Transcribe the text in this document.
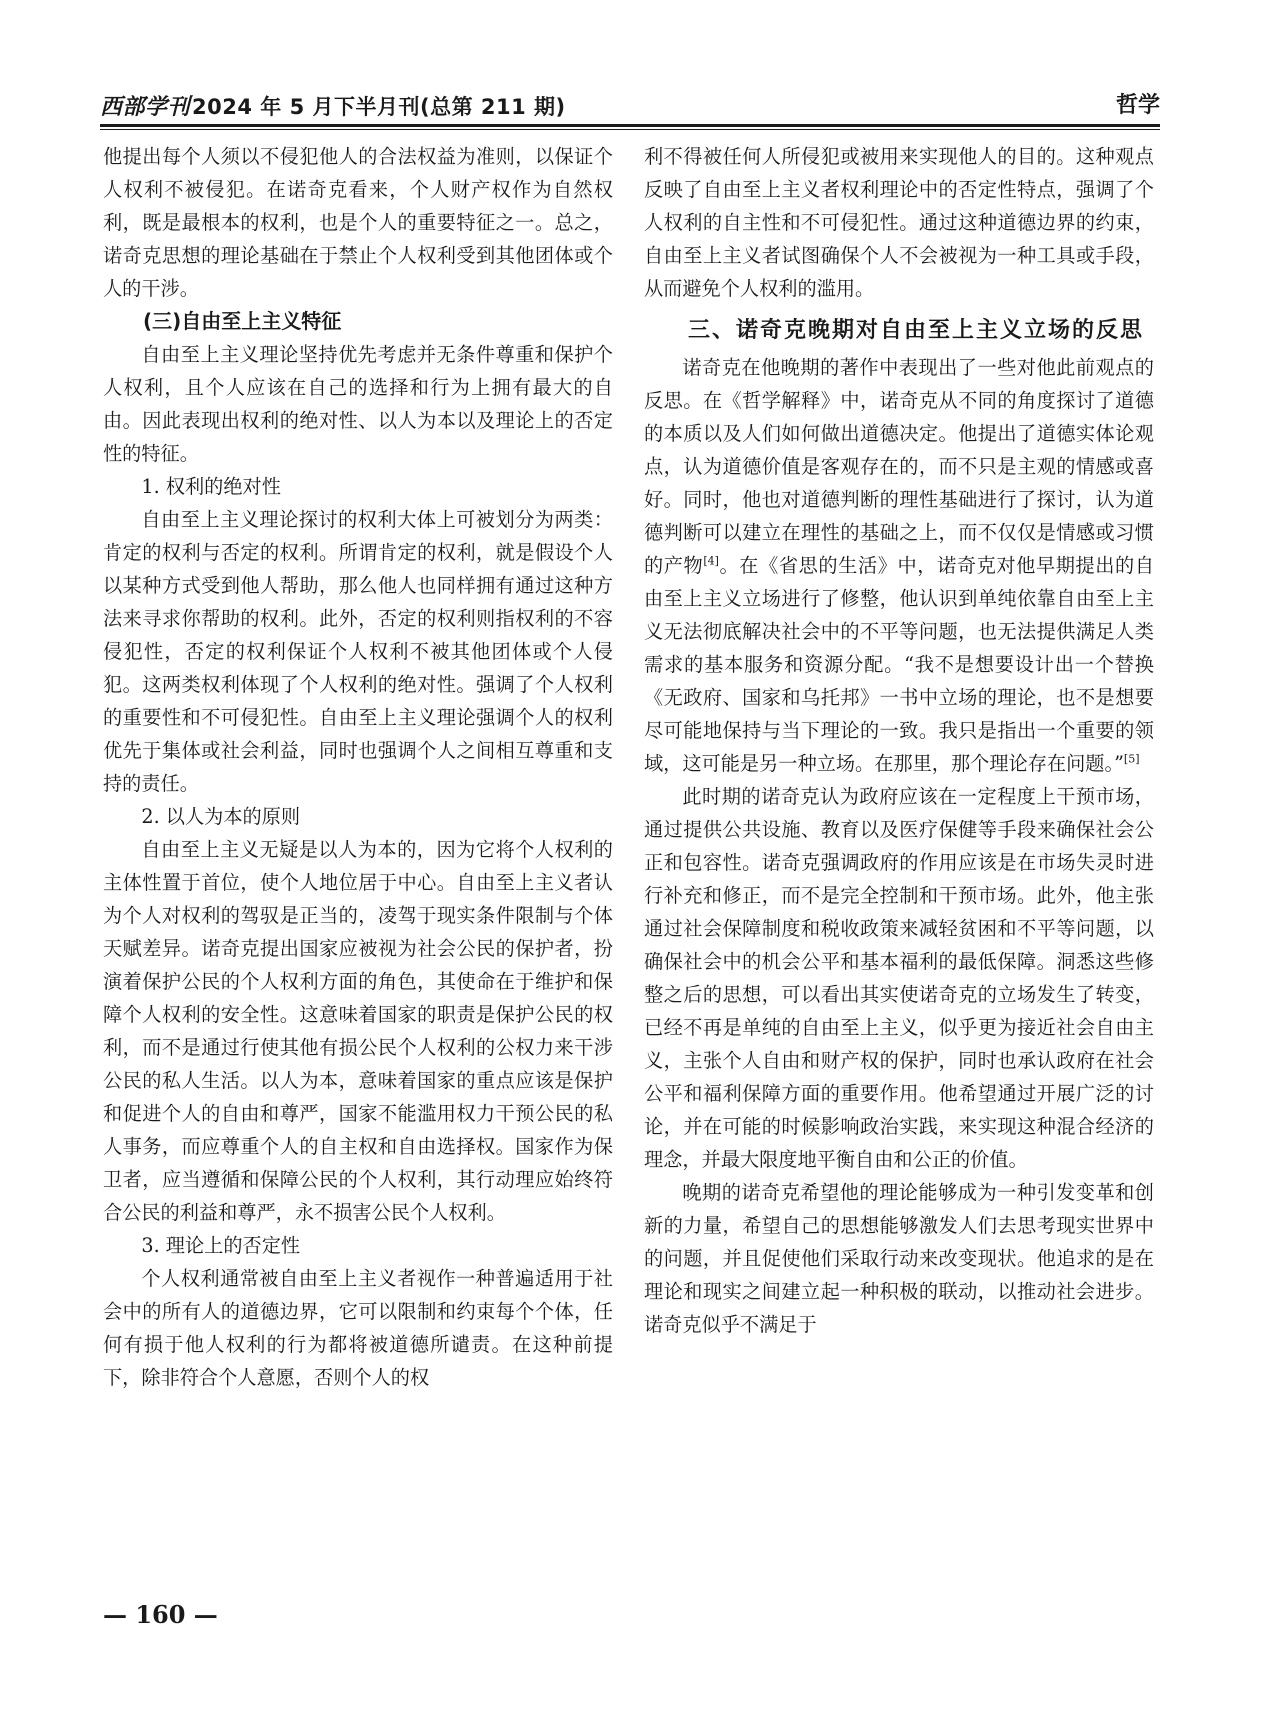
西部学刊2024 年 5 月下半月刊(总第 211 期)	哲学

他提出每个人须以不侵犯他人的合法权益为准则，以保证个人权利不被侵犯。在诺奇克看来，个人财产权作为自然权利，既是最根本的权利，也是个人的重要特征之一。总之，诺奇克思想的理论基础在于禁止个人权利受到其他团体或个人的干涉。

(三)自由至上主义特征

自由至上主义理论坚持优先考虑并无条件尊重和保护个人权利，且个人应该在自己的选择和行为上拥有最大的自由。因此表现出权利的绝对性、以人为本以及理论上的否定性的特征。

1. 权利的绝对性

自由至上主义理论探讨的权利大体上可被划分为两类：肯定的权利与否定的权利。所谓肯定的权利，就是假设个人以某种方式受到他人帮助，那么他人也同样拥有通过这种方法来寻求你帮助的权利。此外，否定的权利则指权利的不容侵犯性，否定的权利保证个人权利不被其他团体或个人侵犯。这两类权利体现了个人权利的绝对性。强调了个人权利的重要性和不可侵犯性。自由至上主义理论强调个人的权利优先于集体或社会利益，同时也强调个人之间相互尊重和支持的责任。

2. 以人为本的原则

自由至上主义无疑是以人为本的，因为它将个人权利的主体性置于首位，使个人地位居于中心。自由至上主义者认为个人对权利的驾驭是正当的，凌驾于现实条件限制与个体天赋差异。诺奇克提出国家应被视为社会公民的保护者，扮演着保护公民的个人权利方面的角色，其使命在于维护和保障个人权利的安全性。这意味着国家的职责是保护公民的权利，而不是通过行使其他有损公民个人权利的公权力来干涉公民的私人生活。以人为本，意味着国家的重点应该是保护和促进个人的自由和尊严，国家不能滥用权力干预公民的私人事务，而应尊重个人的自主权和自由选择权。国家作为保卫者，应当遵循和保障公民的个人权利，其行动理应始终符合公民的利益和尊严，永不损害公民个人权利。

3. 理论上的否定性

个人权利通常被自由至上主义者视作一种普遍适用于社会中的所有人的道德边界，它可以限制和约束每个个体，任何有损于他人权利的行为都将被道德所谴责。在这种前提下，除非符合个人意愿，否则个人的权

利不得被任何人所侵犯或被用来实现他人的目的。这种观点反映了自由至上主义者权利理论中的否定性特点，强调了个人权利的自主性和不可侵犯性。通过这种道德边界的约束，自由至上主义者试图确保个人不会被视为一种工具或手段，从而避免个人权利的滥用。

三、诺奇克晚期对自由至上主义立场的反思

诺奇克在他晚期的著作中表现出了一些对他此前观点的反思。在《哲学解释》中，诺奇克从不同的角度探讨了道德的本质以及人们如何做出道德决定。他提出了道德实体论观点，认为道德价值是客观存在的，而不只是主观的情感或喜好。同时，他也对道德判断的理性基础进行了探讨，认为道德判断可以建立在理性的基础之上，而不仅仅是情感或习惯的产物[4]。在《省思的生活》中，诺奇克对他早期提出的自由至上主义立场进行了修整，他认识到单纯依靠自由至上主义无法彻底解决社会中的不平等问题，也无法提供满足人类需求的基本服务和资源分配。“我不是想要设计出一个替换《无政府、国家和乌托邦》一书中立场的理论，也不是想要尽可能地保持与当下理论的一致。我只是指出一个重要的领域，这可能是另一种立场。在那里，那个理论存在问题。”[5]

此时期的诺奇克认为政府应该在一定程度上干预市场，通过提供公共设施、教育以及医疗保健等手段来确保社会公正和包容性。诺奇克强调政府的作用应该是在市场失灵时进行补充和修正，而不是完全控制和干预市场。此外，他主张通过社会保障制度和税收政策来减轻贫困和不平等问题，以确保社会中的机会公平和基本福利的最低保障。洞悉这些修整之后的思想，可以看出其实使诺奇克的立场发生了转变，已经不再是单纯的自由至上主义，似乎更为接近社会自由主义，主张个人自由和财产权的保护，同时也承认政府在社会公平和福利保障方面的重要作用。他希望通过开展广泛的讨论，并在可能的时候影响政治实践，来实现这种混合经济的理念，并最大限度地平衡自由和公正的价值。

晚期的诺奇克希望他的理论能够成为一种引发变革和创新的力量，希望自己的思想能够激发人们去思考现实世界中的问题，并且促使他们采取行动来改变现状。他追求的是在理论和现实之间建立起一种积极的联动，以推动社会进步。诺奇克似乎不满足于

— 160 —
